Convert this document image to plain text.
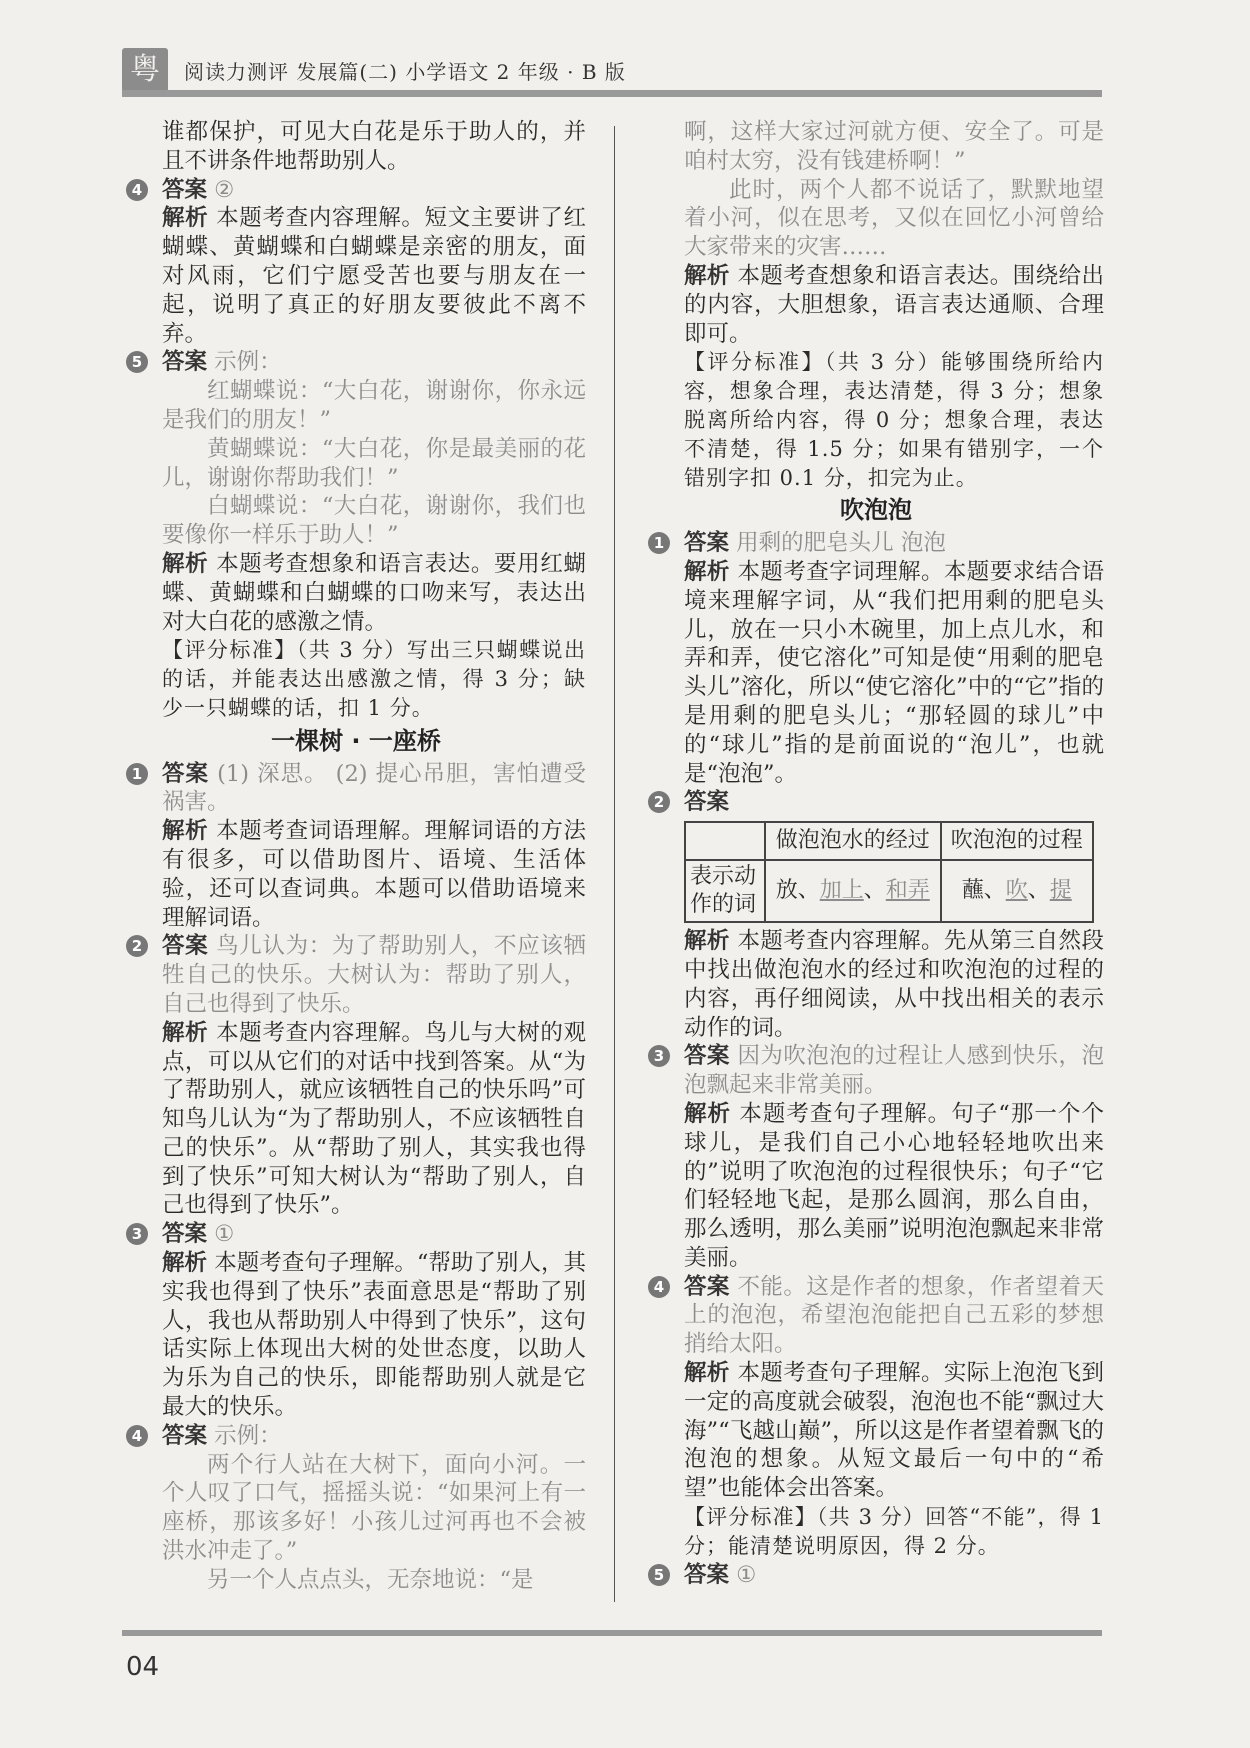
粤	阅读力测评 发展篇(二) 小学语文 2 年级 · B 版

谁都保护，可见大白花是乐于助人的，并且不讲条件地帮助别人。

4 答案 ②

解析 本题考查内容理解。短文主要讲了红蝴蝶、黄蝴蝶和白蝴蝶是亲密的朋友，面对风雨，它们宁愿受苦也要与朋友在一起，说明了真正的好朋友要彼此不离不弃。

5 答案 示例：

红蝴蝶说：“大白花，谢谢你，你永远是我们的朋友！”

黄蝴蝶说：“大白花，你是最美丽的花儿，谢谢你帮助我们！”

白蝴蝶说：“大白花，谢谢你，我们也要像你一样乐于助人！”

解析 本题考查想象和语言表达。要用红蝴蝶、黄蝴蝶和白蝴蝶的口吻来写，表达出对大白花的感激之情。

【评分标准】（共 3 分）写出三只蝴蝶说出的话，并能表达出感激之情，得 3 分；缺少一只蝴蝶的话，扣 1 分。

一棵树 · 一座桥
1 答案 (1) 深思。 (2) 提心吊胆，害怕遭受祸害。

解析 本题考查词语理解。理解词语的方法有很多，可以借助图片、语境、生活体验，还可以查词典。本题可以借助语境来理解词语。

2 答案 鸟儿认为：为了帮助别人，不应该牺牲自己的快乐。大树认为：帮助了别人，自己也得到了快乐。

解析 本题考查内容理解。鸟儿与大树的观点，可以从它们的对话中找到答案。从“为了帮助别人，就应该牺牲自己的快乐吗”可知鸟儿认为“为了帮助别人，不应该牺牲自己的快乐”。从“帮助了别人，其实我也得到了快乐”可知大树认为“帮助了别人，自己也得到了快乐”。

3 答案 ①

解析 本题考查句子理解。“帮助了别人，其实我也得到了快乐”表面意思是“帮助了别人，我也从帮助别人中得到了快乐”，这句话实际上体现出大树的处世态度，以助人为乐为自己的快乐，即能帮助别人就是它最大的快乐。

4 答案 示例：

两个行人站在大树下，面向小河。一个人叹了口气，摇摇头说：“如果河上有一座桥，那该多好！小孩儿过河再也不会被洪水冲走了。”

另一个人点点头，无奈地说：“是

啊，这样大家过河就方便、安全了。可是咱村太穷，没有钱建桥啊！”

此时，两个人都不说话了，默默地望着小河，似在思考，又似在回忆小河曾给大家带来的灾害……

解析 本题考查想象和语言表达。围绕给出的内容，大胆想象，语言表达通顺、合理即可。

【评分标准】（共 3 分）能够围绕所给内容，想象合理，表达清楚，得 3 分；想象脱离所给内容，得 0 分；想象合理，表达不清楚，得 1.5 分；如果有错别字，一个错别字扣 0.1 分，扣完为止。

吹泡泡
1 答案 用剩的肥皂头儿 泡泡

解析 本题考查字词理解。本题要求结合语境来理解字词，从“我们把用剩的肥皂头儿，放在一只小木碗里，加上点儿水，和弄和弄，使它溶化”可知是使“用剩的肥皂头儿”溶化，所以“使它溶化”中的“它”指的是用剩的肥皂头儿；“那轻圆的球儿”中的“球儿”指的是前面说的“泡儿”，也就是“泡泡”。

2 答案

	做泡泡水的经过	吹泡泡的过程
表示动作的词	放、加上、和弄	蘸、吹、提

解析 本题考查内容理解。先从第三自然段中找出做泡泡水的经过和吹泡泡的过程的内容，再仔细阅读，从中找出相关的表示动作的词。

3 答案 因为吹泡泡的过程让人感到快乐，泡泡飘起来非常美丽。

解析 本题考查句子理解。句子“那一个个球儿，是我们自己小心地轻轻地吹出来的”说明了吹泡泡的过程很快乐；句子“它们轻轻地飞起，是那么圆润，那么自由，那么透明，那么美丽”说明泡泡飘起来非常美丽。

4 答案 不能。这是作者的想象，作者望着天上的泡泡，希望泡泡能把自己五彩的梦想捎给太阳。

解析 本题考查句子理解。实际上泡泡飞到一定的高度就会破裂，泡泡也不能“飘过大海”“飞越山巅”，所以这是作者望着飘飞的泡泡的想象。从短文最后一句中的“希望”也能体会出答案。

【评分标准】（共 3 分）回答“不能”，得 1 分；能清楚说明原因，得 2 分。

5 答案 ①

04
